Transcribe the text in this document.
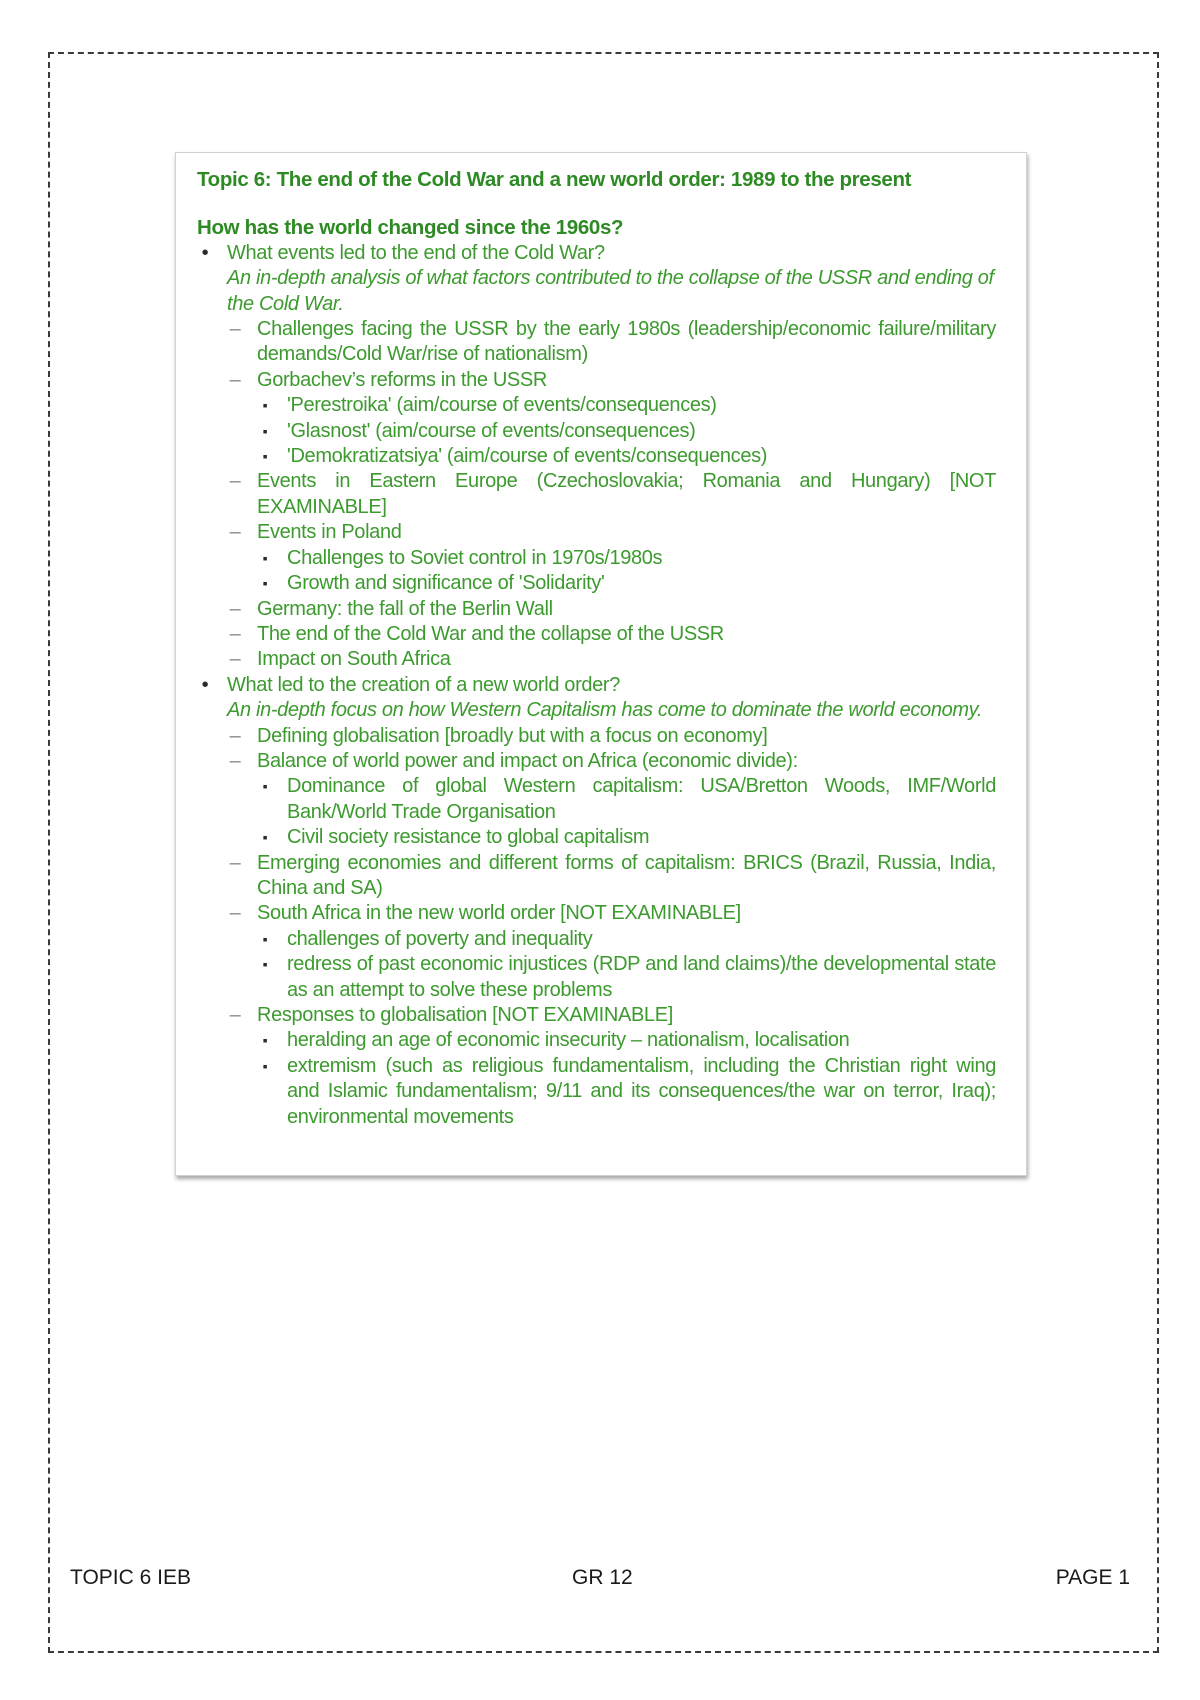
Topic 6: The end of the Cold War and a new world order: 1989 to the present
How has the world changed since the 1960s?
• What events led to the end of the Cold War?
An in-depth analysis of what factors contributed to the collapse of the USSR and ending of the Cold War.
– Challenges facing the USSR by the early 1980s (leadership/economic failure/military demands/Cold War/rise of nationalism)
– Gorbachev’s reforms in the USSR
▪ 'Perestroika' (aim/course of events/consequences)
▪ 'Glasnost' (aim/course of events/consequences)
▪ 'Demokratizatsiya' (aim/course of events/consequences)
– Events in Eastern Europe (Czechoslovakia; Romania and Hungary) [NOT EXAMINABLE]
– Events in Poland
▪ Challenges to Soviet control in 1970s/1980s
▪ Growth and significance of 'Solidarity'
– Germany: the fall of the Berlin Wall
– The end of the Cold War and the collapse of the USSR
– Impact on South Africa
• What led to the creation of a new world order?
An in-depth focus on how Western Capitalism has come to dominate the world economy.
– Defining globalisation [broadly but with a focus on economy]
– Balance of world power and impact on Africa (economic divide):
▪ Dominance of global Western capitalism: USA/Bretton Woods, IMF/World Bank/World Trade Organisation
▪ Civil society resistance to global capitalism
– Emerging economies and different forms of capitalism: BRICS (Brazil, Russia, India, China and SA)
– South Africa in the new world order [NOT EXAMINABLE]
▪ challenges of poverty and inequality
▪ redress of past economic injustices (RDP and land claims)/the developmental state as an attempt to solve these problems
– Responses to globalisation [NOT EXAMINABLE]
▪ heralding an age of economic insecurity – nationalism, localisation
▪ extremism (such as religious fundamentalism, including the Christian right wing and Islamic fundamentalism; 9/11 and its consequences/the war on terror, Iraq); environmental movements
TOPIC 6 IEB	GR 12	PAGE 1
